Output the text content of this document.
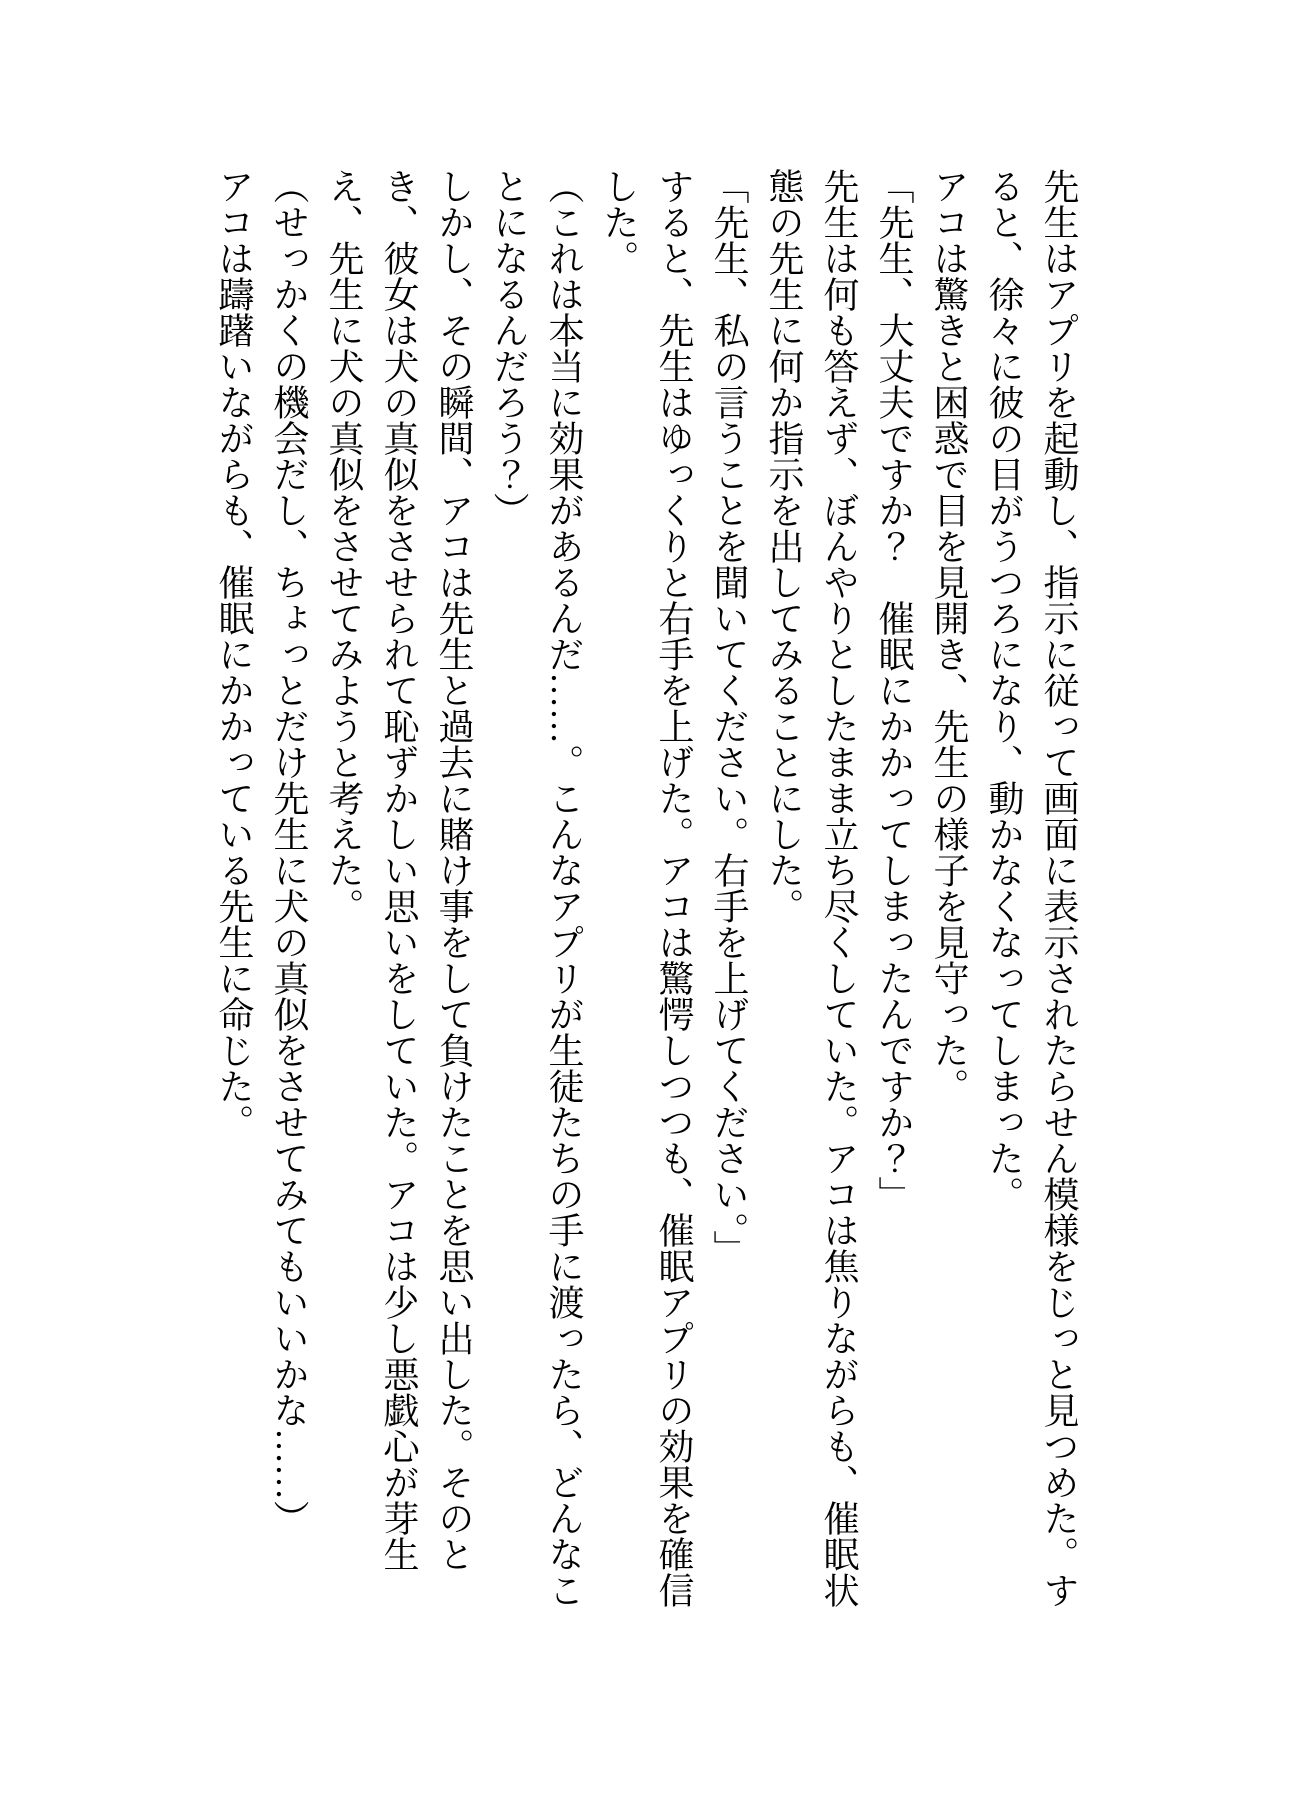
先生はアプリを起動し、指示に従って画面に表示されたらせん模様をじっと見つめた。すると、徐々に彼の目がうつろになり、動かなくなってしまった。

アコは驚きと困惑で目を見開き、先生の様子を見守った。

「先生、大丈夫ですか？　催眠にかかってしまったんですか？」

先生は何も答えず、ぼんやりとしたまま立ち尽くしていた。アコは焦りながらも、催眠状態の先生に何か指示を出してみることにした。

「先生、私の言うことを聞いてください。右手を上げてください。」

すると、先生はゆっくりと右手を上げた。アコは驚愕しつつも、催眠アプリの効果を確信した。

（これは本当に効果があるんだ……。こんなアプリが生徒たちの手に渡ったら、どんなことになるんだろう？）

しかし、その瞬間、アコは先生と過去に賭け事をして負けたことを思い出した。そのとき、彼女は犬の真似をさせられて恥ずかしい思いをしていた。アコは少し悪戯心が芽生え、先生に犬の真似をさせてみようと考えた。

（せっかくの機会だし、ちょっとだけ先生に犬の真似をさせてみてもいいかな……）

アコは躊躇いながらも、催眠にかかっている先生に命じた。
